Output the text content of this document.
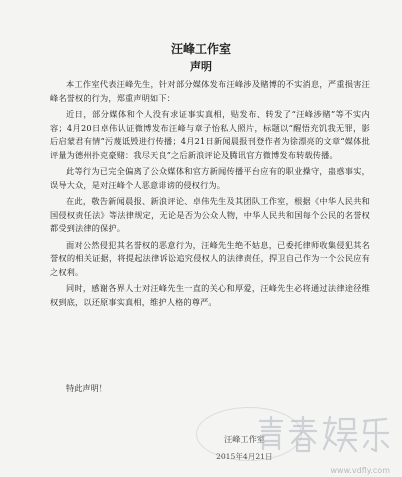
汪峰工作室
声明

本工作室代表汪峰先生，针对部分媒体发布汪峰涉及赌博的不实消息，严重损害汪峰名誉权的行为，郑重声明如下：

近日，部分媒体和个人没有求证事实真相，贴发布、转发了“汪峰涉赌”等不实内容；4月20日卓伟认证微博发布汪峰与章子怡私人照片，标题以“醒悟充饥我无罪，影后启蒙君有情”污蔑诋毁进行传播；4月21日新闻晨报刊登作者为徐漂亮的文章“媒体批评量为德州扑克豪赌：我尽天良”之后新浪评论及腾讯官方微博发布转载传播。

此等行为已完全偏离了公众媒体和官方新闻传播平台应有的职业操守，蛊惑事实，误导大众，是对汪峰个人恶意诽谤的侵权行为。

在此，敬告新闻晨报、新浪评论、卓伟先生及其团队工作室，根据《中华人民共和国侵权责任法》等法律规定，无论是否为公众人物，中华人民共和国每个公民的名誉权都受到法律的保护。

面对公然侵犯其名誉权的恶意行为，汪峰先生绝不姑息，已委托律师收集侵犯其名誉权的相关证据，将提起法律诉讼追究侵权人的法律责任，捍卫自己作为一个公民应有之权利。

同时，感谢各界人士对汪峰先生一直的关心和厚爱，汪峰先生必将通过法律途径维权到底，以还原事实真相，维护人格的尊严。

特此声明！
汪峰工作室
2015年4月21日
www.vdfly.com
